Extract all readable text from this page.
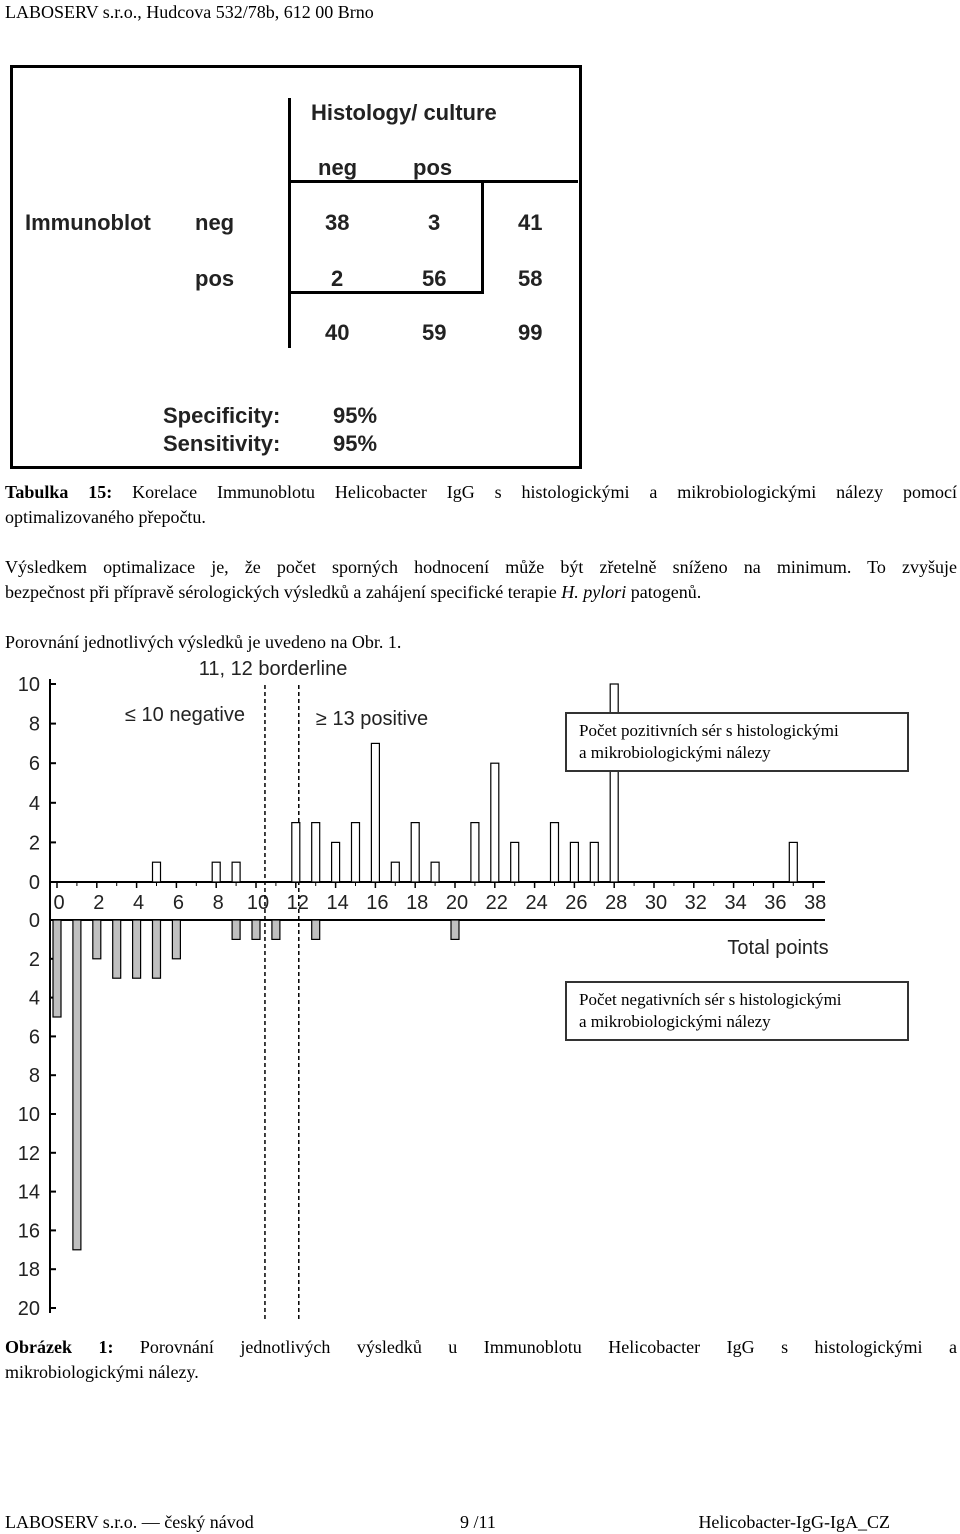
LABOSERV s.r.o., Hudcova 532/78b, 612 00 Brno
Histology/ culture
neg	pos
Immunoblot neg	38	3	41
pos	2	56	58
40	59	99
Specificity: 95%
Sensitivity: 95%
Tabulka 15: Korelace Immunoblotu Helicobacter IgG s histologickými a mikrobiologickými nálezy pomocí
optimalizovaného přepočtu.
Výsledkem optimalizace je, že počet sporných hodnocení může být zřetelně sníženo na minimum. To zvyšuje
bezpečnost při přípravě sérologických výsledků a zahájení specifické terapie H. pylori patogenů.
Porovnání jednotlivých výsledků je uvedeno na Obr. 1.
10
8
6
4
2
0
0
2
4
6
8
10
12
14
16
18
20
0 2 4 6 8 10 12 14 16 18 20 22 24 26 28 30 32 34 36 38
Total points
11, 12 borderline
≤ 10 negative	≥ 13 positive
Počet pozitivních sér s histologickými
a mikrobiologickými nálezy
Počet negativních sér s histologickými
a mikrobiologickými nálezy
Obrázek 1: Porovnání jednotlivých výsledků u Immunoblotu Helicobacter IgG s histologickými a
mikrobiologickými nálezy.
LABOSERV s.r.o. — český návod	9 /11	Helicobacter-IgG-IgA_CZ
